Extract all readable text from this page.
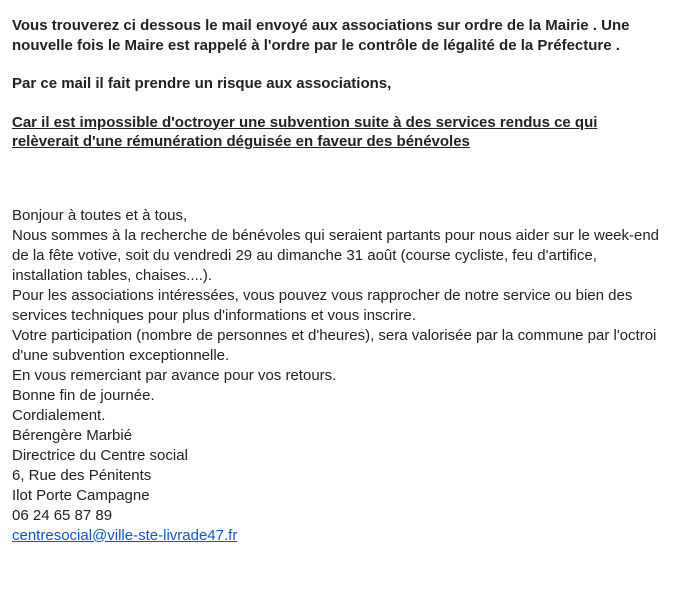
Vous trouverez ci dessous le mail envoyé aux associations sur ordre de la Mairie . Une nouvelle fois le Maire est rappelé à l'ordre par le contrôle de légalité de la Préfecture .

Par ce mail il fait prendre un risque aux associations,

Car il est impossible d'octroyer une subvention suite à des services rendus ce qui relèverait d'une rémunération déguisée en faveur des bénévoles

Bonjour à toutes et à tous,
Nous sommes à la recherche de bénévoles qui seraient partants pour nous aider sur le week-end de la fête votive, soit du vendredi 29 au dimanche 31 août (course cycliste, feu d'artifice, installation tables, chaises....).
Pour les associations intéressées, vous pouvez vous rapprocher de notre service ou bien des services techniques pour plus d'informations et vous inscrire.
Votre participation (nombre de personnes et d'heures), sera valorisée par la commune par l'octroi d'une subvention exceptionnelle.
En vous remerciant par avance pour vos retours.
Bonne fin de journée.
Cordialement.
Bérengère Marbié
Directrice du Centre social
6, Rue des Pénitents
Ilot Porte Campagne
06 24 65 87 89
centresocial@ville-ste-livrade47.fr
